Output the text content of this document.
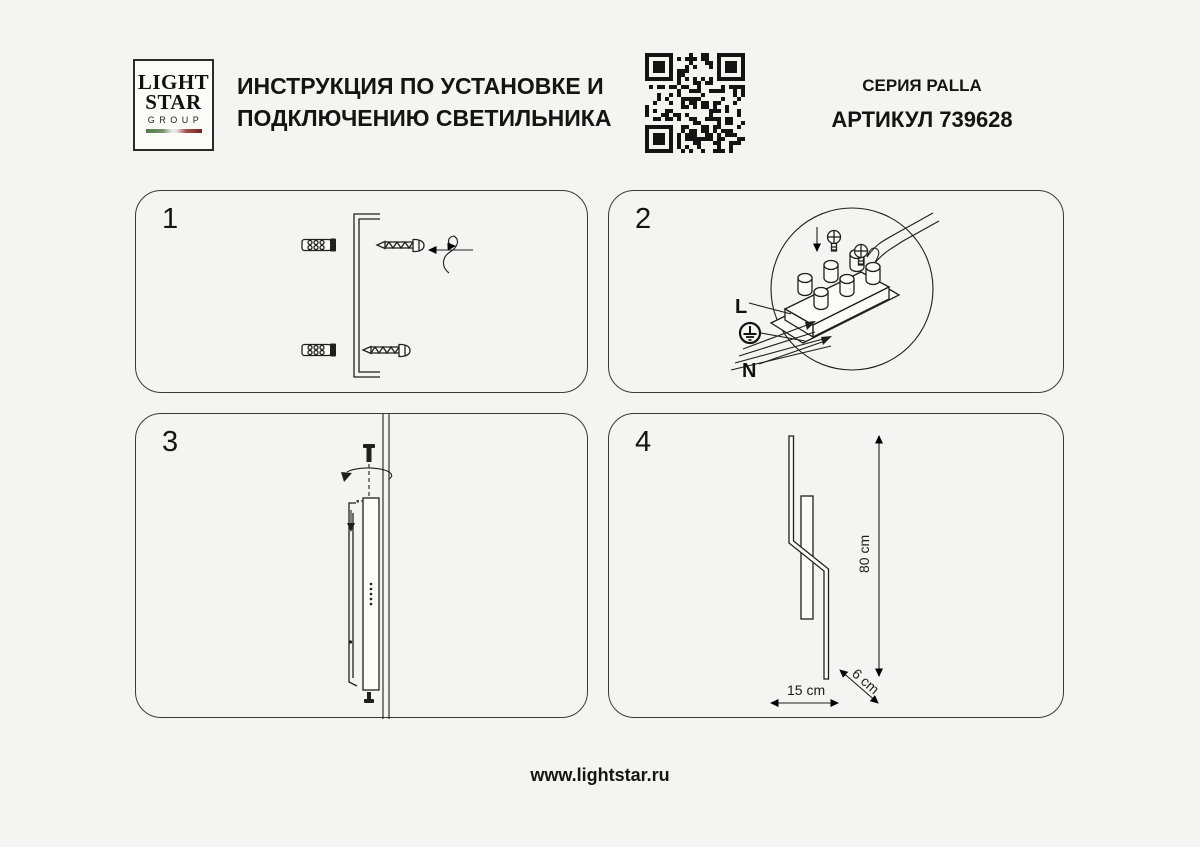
LIGHT
STAR
GROUP
ИНСТРУКЦИЯ ПО УСТАНОВКЕ И
ПОДКЛЮЧЕНИЮ СВЕТИЛЬНИКА
СЕРИЯ PALLA
АРТИКУЛ 739628
1	2
L
N
3	4
80 cm
15 cm 6 cm
www.lightstar.ru
